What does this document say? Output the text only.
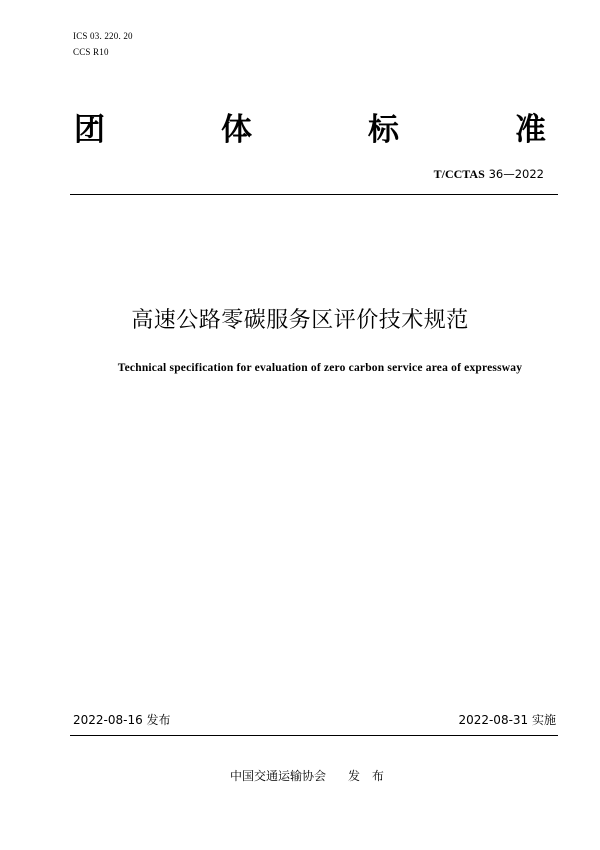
ICS 03. 220. 20
CCS R10
团	体	标	准
T/CCTAS 36—2022
高速公路零碳服务区评价技术规范
Technical specification for evaluation of zero carbon service area of expressway
2022-08-16 发布	2022-08-31 实施
中国交通运输协会 发 布
